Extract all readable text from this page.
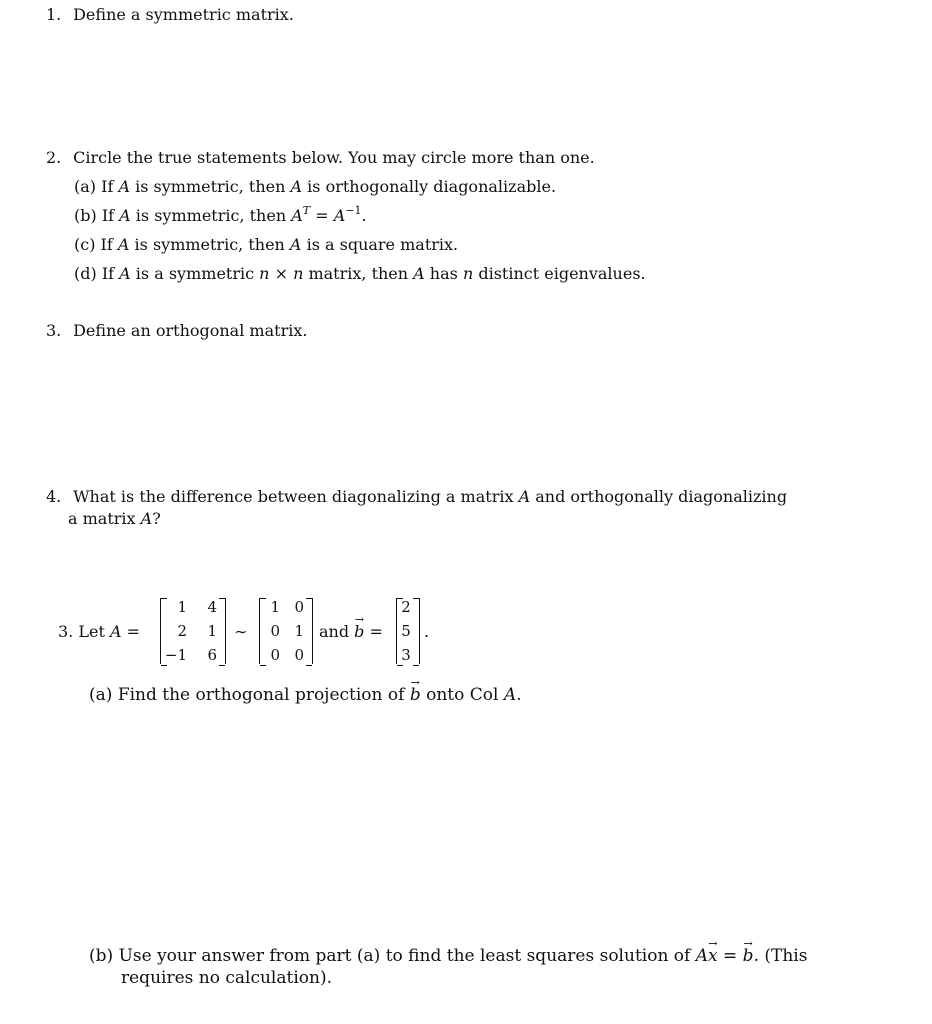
1. Define a symmetric matrix.
2. Circle the true statements below. You may circle more than one.
(a) If A is symmetric, then A is orthogonally diagonalizable.
(b) If A is symmetric, then $A^T = A^{-1}$.
(c) If A is symmetric, then A is a square matrix.
(d) If A is a symmetric n × n matrix, then A has n distinct eigenvalues.
3. Define an orthogonal matrix.
4. What is the difference between diagonalizing a matrix A and orthogonally diagonalizing
a matrix A?
3. Let A =
1	4
2	1
−1	6
∼
1 0
0 1
0 0
and → b =
2
5
3
.
(a) Find the orthogonal projection of → b onto Col A.
(b) Use your answer from part (a) to find the least squares solution of A→ x = → b. (This
requires no calculation).
